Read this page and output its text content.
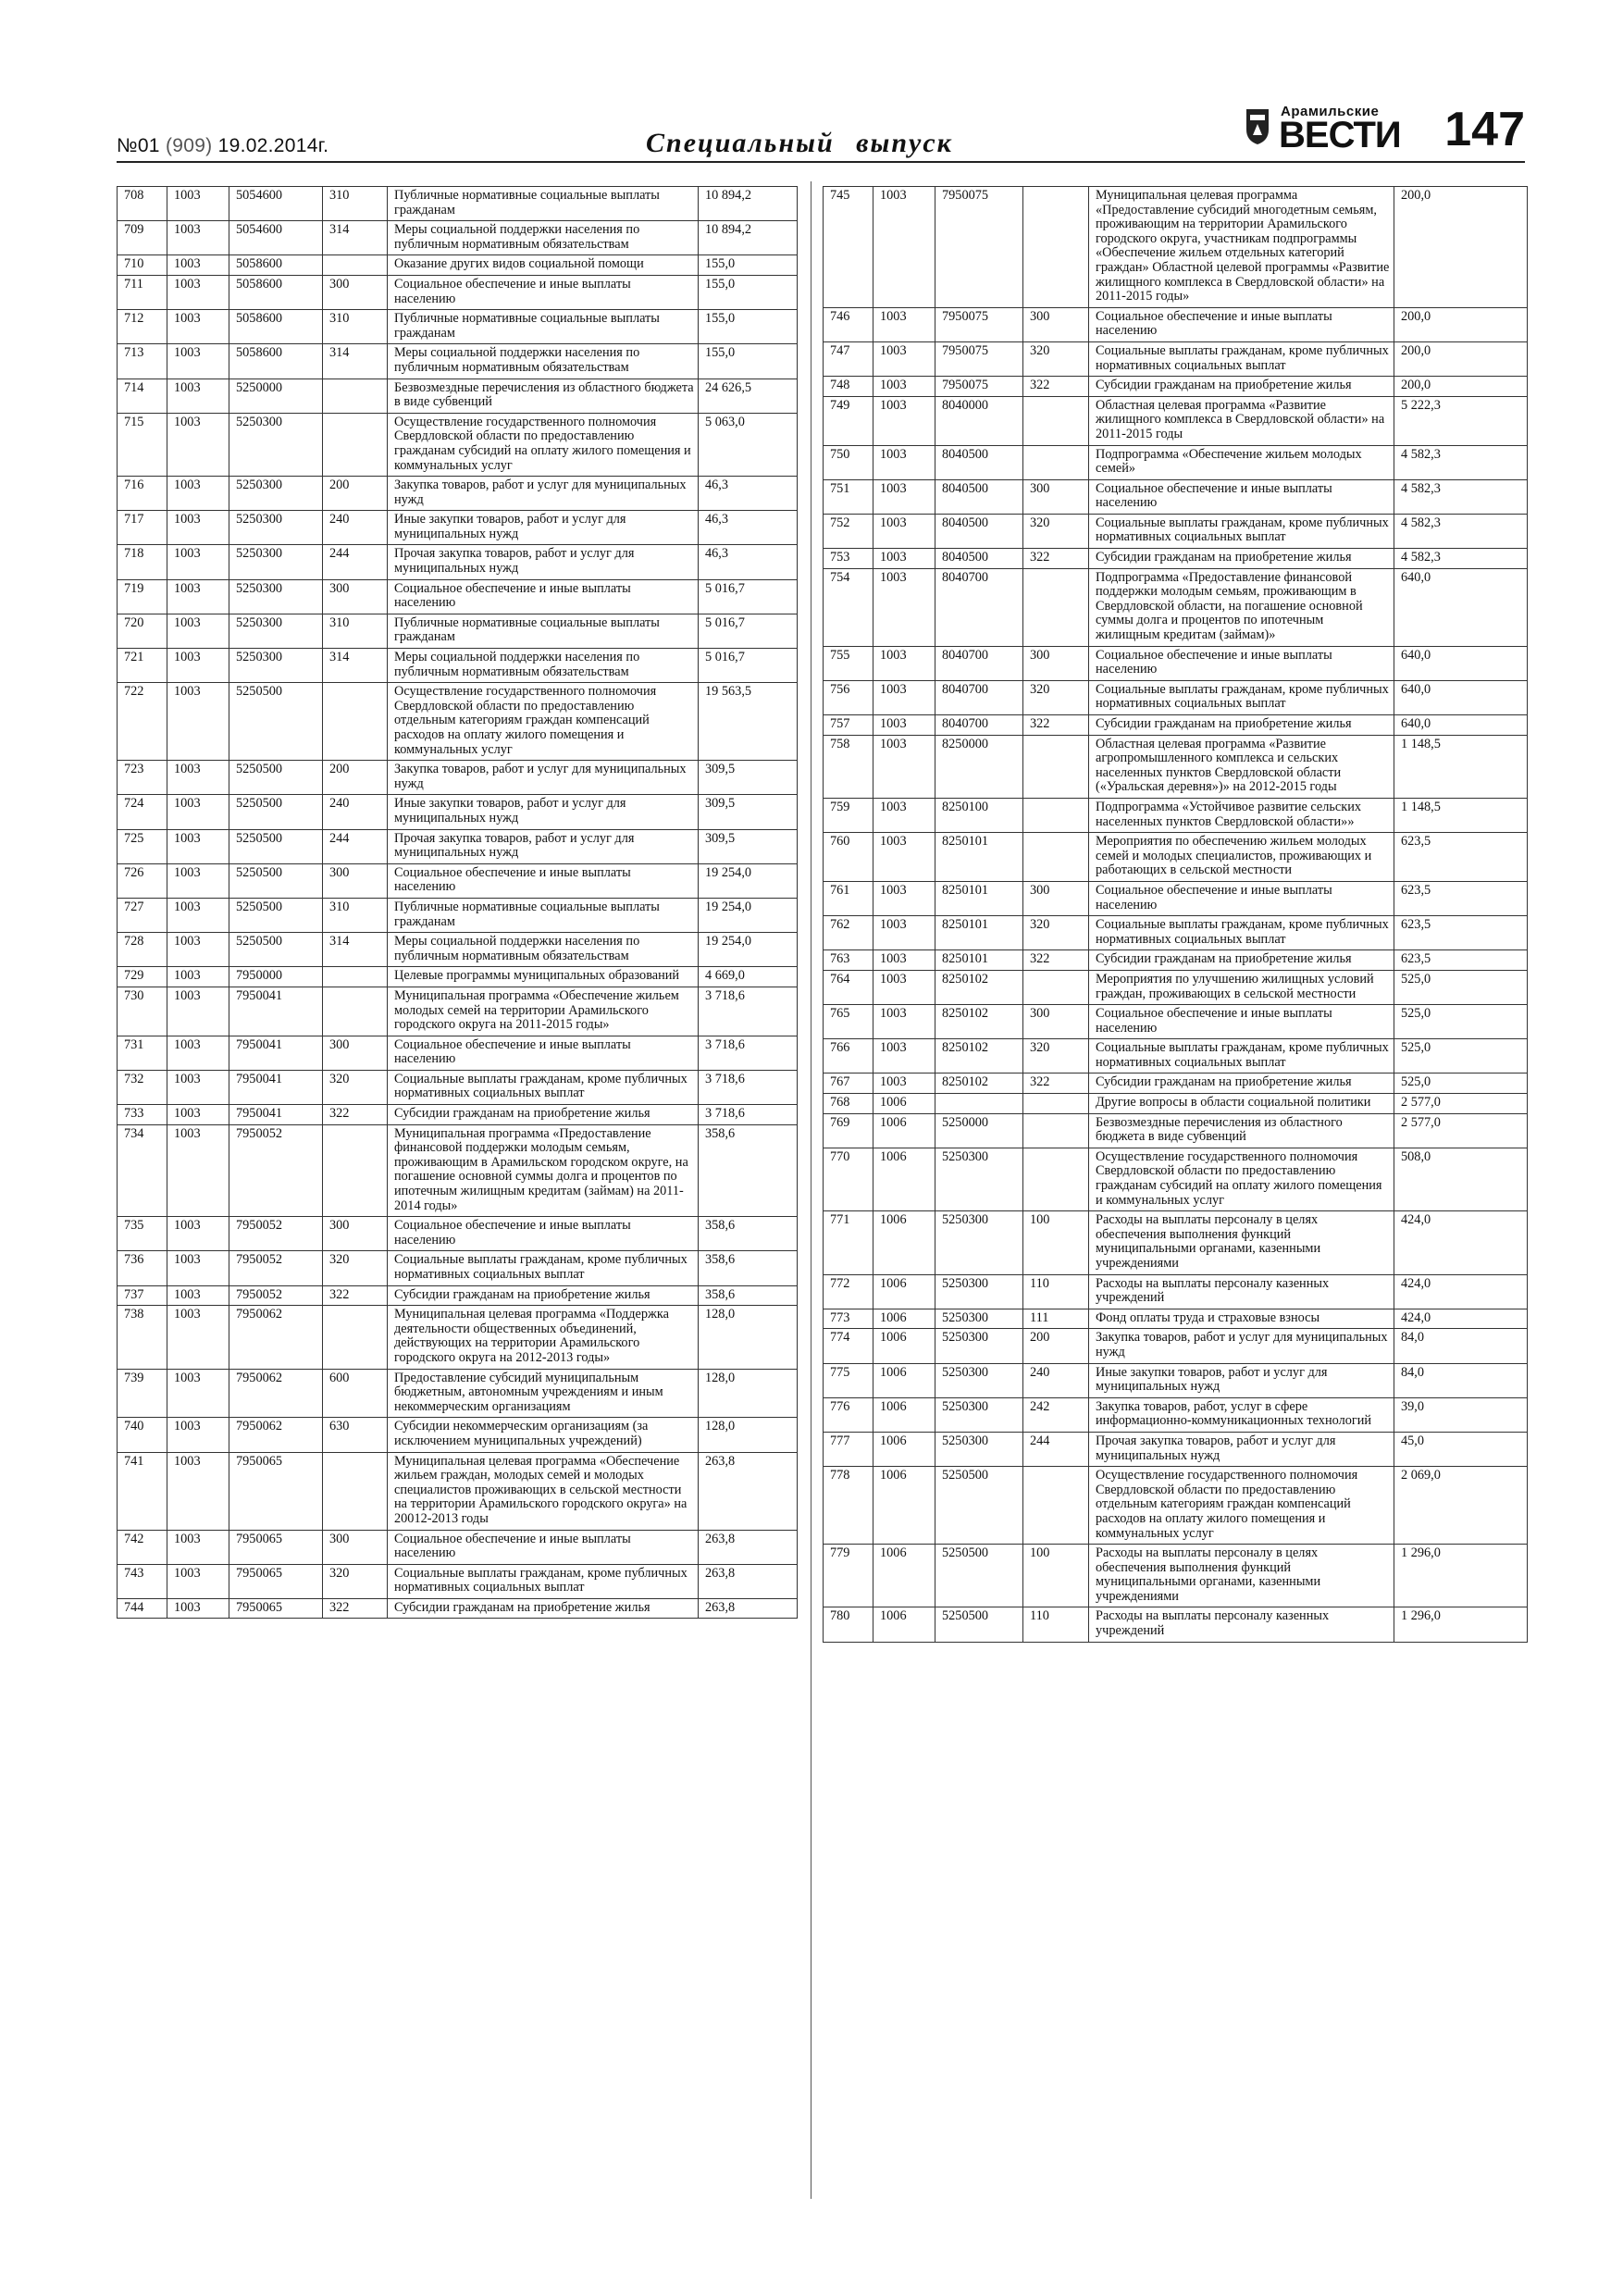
№01 (909) 19.02.2014г.	Специальный выпуск
Арамильские
ВЕСТИ 147
708	1003	5054600	310	Публичные нормативные социальные выплаты гражданам	10 894,2
709	1003	5054600	314	Меры социальной поддержки населения по публичным нормативным обязательствам	10 894,2
710	1003	5058600		Оказание других видов социальной помощи	155,0
711	1003	5058600	300	Социальное обеспечение и иные выплаты населению	155,0
712	1003	5058600	310	Публичные нормативные социальные выплаты гражданам	155,0
713	1003	5058600	314	Меры социальной поддержки населения по публичным нормативным обязательствам	155,0
714	1003	5250000		Безвозмездные перечисления из областного бюджета в виде субвенций	24 626,5
715	1003	5250300		Осуществление государственного полномочия Свердловской области по предоставлению гражданам субсидий на оплату жилого помещения и коммунальных услуг	5 063,0
716	1003	5250300	200	Закупка товаров, работ и услуг для муниципальных нужд	46,3
717	1003	5250300	240	Иные закупки товаров, работ и услуг для муниципальных нужд	46,3
718	1003	5250300	244	Прочая закупка товаров, работ и услуг для муниципальных нужд	46,3
719	1003	5250300	300	Социальное обеспечение и иные выплаты населению	5 016,7
720	1003	5250300	310	Публичные нормативные социальные выплаты гражданам	5 016,7
721	1003	5250300	314	Меры социальной поддержки населения по публичным нормативным обязательствам	5 016,7
722	1003	5250500		Осуществление государственного полномочия Свердловской области по предоставлению отдельным категориям граждан компенсаций расходов на оплату жилого помещения и коммунальных услуг	19 563,5
723	1003	5250500	200	Закупка товаров, работ и услуг для муниципальных нужд	309,5
724	1003	5250500	240	Иные закупки товаров, работ и услуг для муниципальных нужд	309,5
725	1003	5250500	244	Прочая закупка товаров, работ и услуг для муниципальных нужд	309,5
726	1003	5250500	300	Социальное обеспечение и иные выплаты населению	19 254,0
727	1003	5250500	310	Публичные нормативные социальные выплаты гражданам	19 254,0
728	1003	5250500	314	Меры социальной поддержки населения по публичным нормативным обязательствам	19 254,0
729	1003	7950000		Целевые программы муниципальных образований	4 669,0
730	1003	7950041		Муниципальная программа «Обеспечение жильем молодых семей на территории Арамильского городского округа на 2011-2015 годы»	3 718,6
731	1003	7950041	300	Социальное обеспечение и иные выплаты населению	3 718,6
732	1003	7950041	320	Социальные выплаты гражданам, кроме публичных нормативных социальных выплат	3 718,6
733	1003	7950041	322	Субсидии гражданам на приобретение жилья	3 718,6
734	1003	7950052		Муниципальная программа «Предоставление финансовой поддержки молодым семьям, проживающим в Арамильском городском округе, на погашение основной суммы долга и процентов по ипотечным жилищным кредитам (займам) на 2011-2014 годы»	358,6
735	1003	7950052	300	Социальное обеспечение и иные выплаты населению	358,6
736	1003	7950052	320	Социальные выплаты гражданам, кроме публичных нормативных социальных выплат	358,6
737	1003	7950052	322	Субсидии гражданам на приобретение жилья	358,6
738	1003	7950062		Муниципальная целевая программа «Поддержка деятельности общественных объединений, действующих на территории Арамильского городского округа на 2012-2013 годы»	128,0
739	1003	7950062	600	Предоставление субсидий муниципальным бюджетным, автономным учреждениям и иным некоммерческим организациям	128,0
740	1003	7950062	630	Субсидии некоммерческим организациям (за исключением муниципальных учреждений)	128,0
741	1003	7950065		Муниципальная целевая программа «Обеспечение жильем граждан, молодых семей и молодых специалистов проживающих в сельской местности на территории Арамильского городского округа» на 20012-2013 годы	263,8
742	1003	7950065	300	Социальное обеспечение и иные выплаты населению	263,8
743	1003	7950065	320	Социальные выплаты гражданам, кроме публичных нормативных социальных выплат	263,8
744	1003	7950065	322	Субсидии гражданам на приобретение жилья	263,8
745	1003	7950075		Муниципальная целевая программа «Предоставление субсидий многодетным семьям, проживающим на территории Арамильского городского округа, участникам подпрограммы «Обеспечение жильем отдельных категорий граждан» Областной целевой программы «Развитие жилищного комплекса в Свердловской области» на 2011-2015 годы»	200,0
746	1003	7950075	300	Социальное обеспечение и иные выплаты населению	200,0
747	1003	7950075	320	Социальные выплаты гражданам, кроме публичных нормативных социальных выплат	200,0
748	1003	7950075	322	Субсидии гражданам на приобретение жилья	200,0
749	1003	8040000		Областная целевая программа «Развитие жилищного комплекса в Свердловской области» на 2011-2015 годы	5 222,3
750	1003	8040500		Подпрограмма «Обеспечение жильем молодых семей»	4 582,3
751	1003	8040500	300	Социальное обеспечение и иные выплаты населению	4 582,3
752	1003	8040500	320	Социальные выплаты гражданам, кроме публичных нормативных социальных выплат	4 582,3
753	1003	8040500	322	Субсидии гражданам на приобретение жилья	4 582,3
754	1003	8040700		Подпрограмма «Предоставление финансовой поддержки молодым семьям, проживающим в Свердловской области, на погашение основной суммы долга и процентов по ипотечным жилищным кредитам (займам)»	640,0
755	1003	8040700	300	Социальное обеспечение и иные выплаты населению	640,0
756	1003	8040700	320	Социальные выплаты гражданам, кроме публичных нормативных социальных выплат	640,0
757	1003	8040700	322	Субсидии гражданам на приобретение жилья	640,0
758	1003	8250000		Областная целевая программа «Развитие агропромышленного комплекса и сельских населенных пунктов Свердловской области («Уральская деревня»)» на 2012-2015 годы	1 148,5
759	1003	8250100		Подпрограмма «Устойчивое развитие сельских населенных пунктов Свердловской области»»	1 148,5
760	1003	8250101		Мероприятия по обеспечению жильем молодых семей и молодых специалистов, проживающих и работающих в сельской местности	623,5
761	1003	8250101	300	Социальное обеспечение и иные выплаты населению	623,5
762	1003	8250101	320	Социальные выплаты гражданам, кроме публичных нормативных социальных выплат	623,5
763	1003	8250101	322	Субсидии гражданам на приобретение жилья	623,5
764	1003	8250102		Мероприятия по улучшению жилищных условий граждан, проживающих в сельской местности	525,0
765	1003	8250102	300	Социальное обеспечение и иные выплаты населению	525,0
766	1003	8250102	320	Социальные выплаты гражданам, кроме публичных нормативных социальных выплат	525,0
767	1003	8250102	322	Субсидии гражданам на приобретение жилья	525,0
768	1006			Другие вопросы в области социальной политики	2 577,0
769	1006	5250000		Безвозмездные перечисления из областного бюджета в виде субвенций	2 577,0
770	1006	5250300		Осуществление государственного полномочия Свердловской области по предоставлению гражданам субсидий на оплату жилого помещения и коммунальных услуг	508,0
771	1006	5250300	100	Расходы на выплаты персоналу в целях обеспечения выполнения функций муниципальными органами, казенными учреждениями	424,0
772	1006	5250300	110	Расходы на выплаты персоналу казенных учреждений	424,0
773	1006	5250300	111	Фонд оплаты труда и страховые взносы	424,0
774	1006	5250300	200	Закупка товаров, работ и услуг для муниципальных нужд	84,0
775	1006	5250300	240	Иные закупки товаров, работ и услуг для муниципальных нужд	84,0
776	1006	5250300	242	Закупка товаров, работ, услуг в сфере информационно-коммуникационных технологий	39,0
777	1006	5250300	244	Прочая закупка товаров, работ и услуг для муниципальных нужд	45,0
778	1006	5250500		Осуществление государственного полномочия Свердловской области по предоставлению отдельным категориям граждан компенсаций расходов на оплату жилого помещения и коммунальных услуг	2 069,0
779	1006	5250500	100	Расходы на выплаты персоналу в целях обеспечения выполнения функций муниципальными органами, казенными учреждениями	1 296,0
780	1006	5250500	110	Расходы на выплаты персоналу казенных учреждений	1 296,0
